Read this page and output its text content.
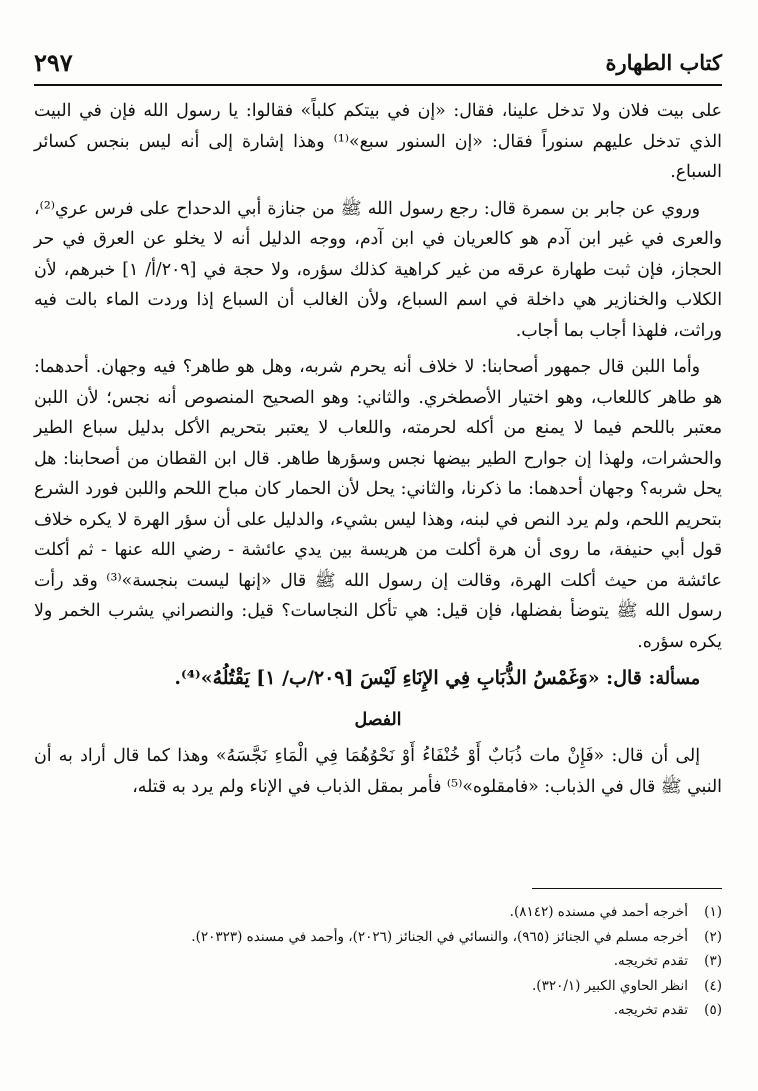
كتاب الطهارة
٢٩٧

على بيت فلان ولا تدخل علينا، فقال: «إن في بيتكم كلباً» فقالوا: يا رسول الله فإن في البيت الذي تدخل عليهم سنوراً فقال: «إن السنور سبع»⁽¹⁾ وهذا إشارة إلى أنه ليس بنجس كسائر السباع.

وروي عن جابر بن سمرة قال: رجع رسول الله ﷺ من جنازة أبي الدحداح على فرس عري⁽²⁾، والعرى في غير ابن آدم هو كالعريان في ابن آدم، ووجه الدليل أنه لا يخلو عن العرق في حر الحجاز، فإن ثبت طهارة عرقه من غير كراهية كذلك سؤره، ولا حجة في [٢٠٩/أ/ ١] خبرهم، لأن الكلاب والخنازير هي داخلة في اسم السباع، ولأن الغالب أن السباع إذا وردت الماء بالت فيه وراثت، فلهذا أجاب بما أجاب.

وأما اللبن قال جمهور أصحابنا: لا خلاف أنه يحرم شربه، وهل هو طاهر؟ فيه وجهان. أحدهما: هو طاهر كاللعاب، وهو اختيار الأصطخري. والثاني: وهو الصحيح المنصوص أنه نجس؛ لأن اللبن معتبر باللحم فيما لا يمنع من أكله لحرمته، واللعاب لا يعتبر بتحريم الأكل بدليل سباع الطير والحشرات، ولهذا إن جوارح الطير بيضها نجس وسؤرها طاهر. قال ابن القطان من أصحابنا: هل يحل شربه؟ وجهان أحدهما: ما ذكرنا، والثاني: يحل لأن الحمار كان مباح اللحم واللبن فورد الشرع بتحريم اللحم، ولم يرد النص في لبنه، وهذا ليس بشيء، والدليل على أن سؤر الهرة لا يكره خلاف قول أبي حنيفة، ما روى أن هرة أكلت من هريسة بين يدي عائشة - رضي الله عنها - ثم أكلت عائشة من حيث أكلت الهرة، وقالت إن رسول الله ﷺ قال «إنها ليست بنجسة»⁽³⁾ وقد رأت رسول الله ﷺ يتوضأ بفضلها، فإن قيل: هي تأكل النجاسات؟ قيل: والنصراني يشرب الخمر ولا يكره سؤره.

مسألة: قال: «وَغَمْسُ الذُّبَابِ فِي الإِنَاءِ لَيْسَ [٢٠٩/ب/ ١] يَقْتُلُهُ»⁽⁴⁾.

الفصل

إلى أن قال: «فَإِنْ مات ذُبَابٌ أَوْ خُنْفَاءُ أَوْ نَحْوُهُمَا فِي الْمَاءِ نَجَّسَهُ» وهذا كما قال أراد به أن النبي ﷺ قال في الذباب: «فامقلوه»⁽⁵⁾ فأمر بمقل الذباب في الإناء ولم يرد به قتله،

(١)أخرجه أحمد في مسنده (٨١٤٢).
(٢)أخرجه مسلم في الجنائز (٩٦٥)، والنسائي في الجنائز (٢٠٢٦)، وأحمد في مسنده (٢٠٣٢٣).
(٣)تقدم تخريجه.
(٤)انظر الحاوي الكبير (٣٢٠/١).
(٥)تقدم تخريجه.
